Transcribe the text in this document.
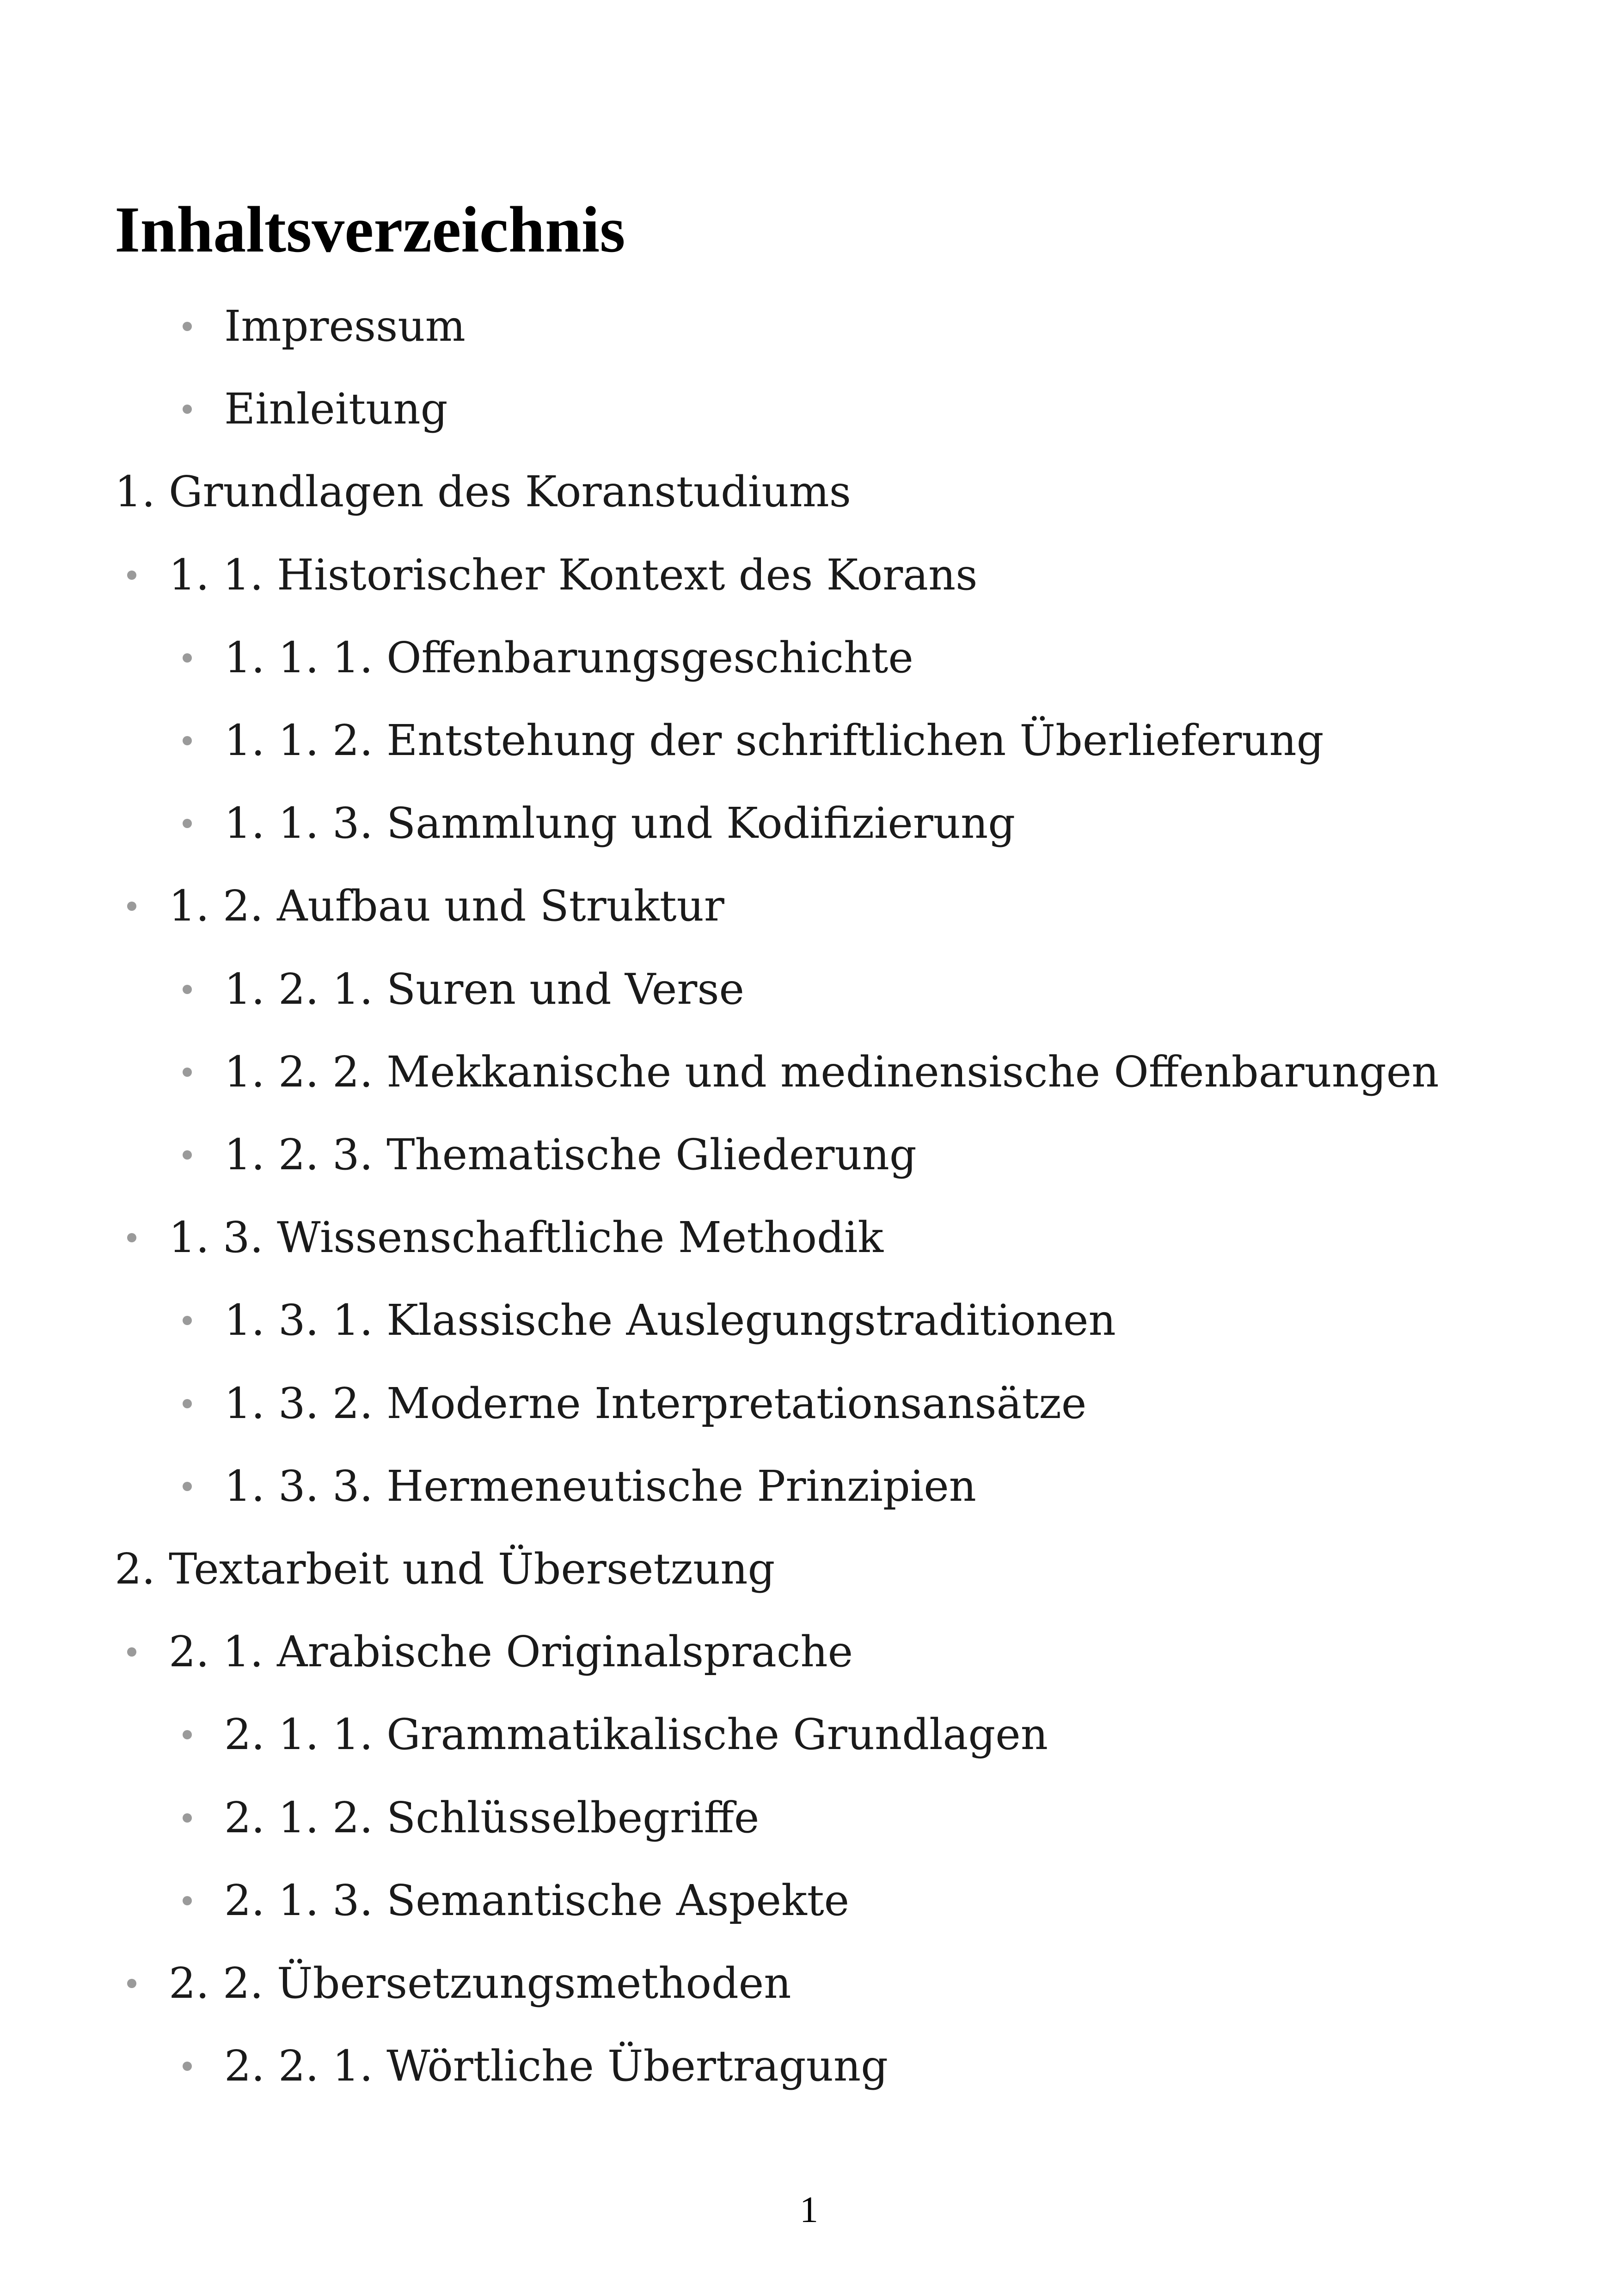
Inhaltsverzeichnis
Impressum
Einleitung
1. Grundlagen des Koranstudiums
1. 1. Historischer Kontext des Korans
1. 1. 1. Offenbarungsgeschichte
1. 1. 2. Entstehung der schriftlichen Überlieferung
1. 1. 3. Sammlung und Kodifizierung
1. 2. Aufbau und Struktur
1. 2. 1. Suren und Verse
1. 2. 2. Mekkanische und medinensische Offenbarungen
1. 2. 3. Thematische Gliederung
1. 3. Wissenschaftliche Methodik
1. 3. 1. Klassische Auslegungstraditionen
1. 3. 2. Moderne Interpretationsansätze
1. 3. 3. Hermeneutische Prinzipien
2. Textarbeit und Übersetzung
2. 1. Arabische Originalsprache
2. 1. 1. Grammatikalische Grundlagen
2. 1. 2. Schlüsselbegriffe
2. 1. 3. Semantische Aspekte
2. 2. Übersetzungsmethoden
2. 2. 1. Wörtliche Übertragung
1
